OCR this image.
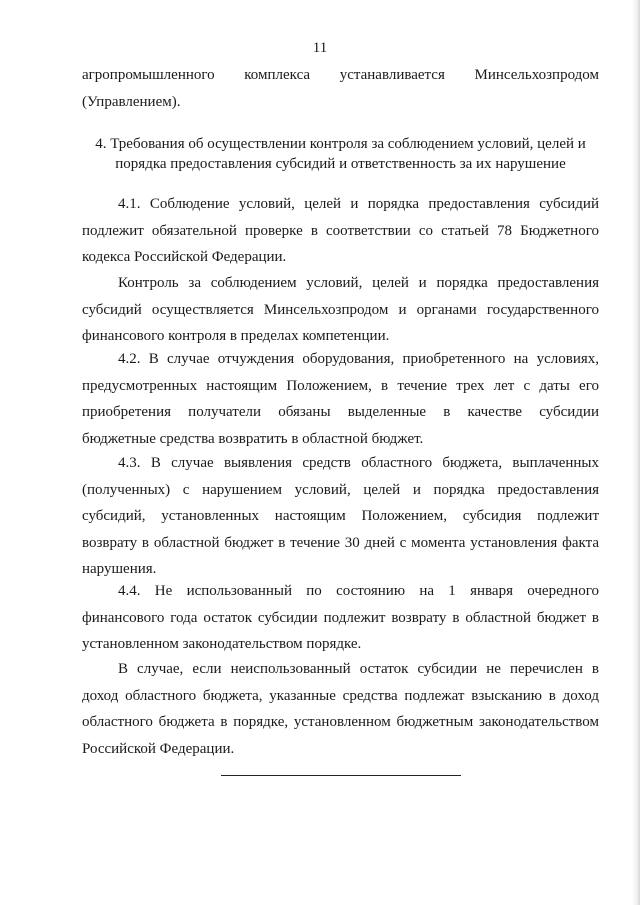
11
агропромышленного комплекса устанавливается Минсельхозпродом
(Управлением).
4. Требования об осуществлении контроля за соблюдением условий, целей и
порядка предоставления субсидий и ответственность за их нарушение
4.1. Соблюдение условий, целей и порядка предоставления субсидий
подлежит обязательной проверке в соответствии со статьей 78 Бюджетного
кодекса Российской Федерации.
Контроль за соблюдением условий, целей и порядка предоставления
субсидий осуществляется Минсельхозпродом и органами государственного
финансового контроля в пределах компетенции.
4.2. В случае отчуждения оборудования, приобретенного на условиях,
предусмотренных настоящим Положением, в течение трех лет с даты его
приобретения получатели обязаны выделенные в качестве субсидии
бюджетные средства возвратить в областной бюджет.
4.3. В случае выявления средств областного бюджета, выплаченных
(полученных) с нарушением условий, целей и порядка предоставления
субсидий, установленных настоящим Положением, субсидия подлежит
возврату в областной бюджет в течение 30 дней с момента установления факта
нарушения.
4.4. Не использованный по состоянию на 1 января очередного
финансового года остаток субсидии подлежит возврату в областной бюджет в
установленном законодательством порядке.
В случае, если неиспользованный остаток субсидии не перечислен в
доход областного бюджета, указанные средства подлежат взысканию в доход
областного бюджета в порядке, установленном бюджетным законодательством
Российской Федерации.
